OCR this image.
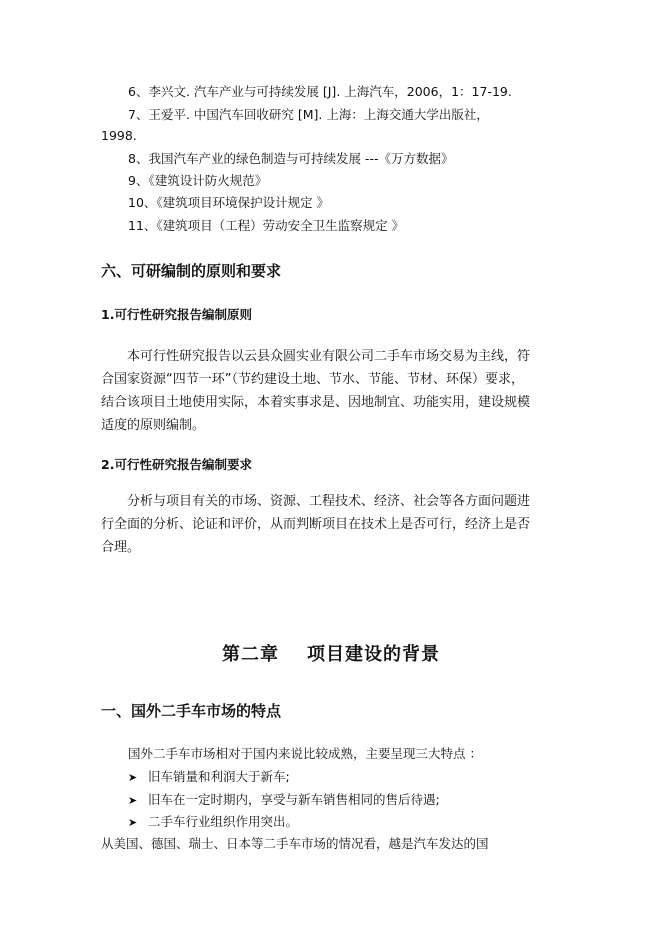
6、李兴文. 汽车产业与可持续发展 [J]. 上海汽车，2006，1：17-19.
7、王爱平. 中国汽车回收研究 [M]. 上海：上海交通大学出版社，
1998.
8、我国汽车产业的绿色制造与可持续发展 ---《万方数据》
9、《建筑设计防火规范》
10、《建筑项目环境保护设计规定 》
11、《建筑项目（工程）劳动安全卫生监察规定 》
六、可研编制的原则和要求
1.可行性研究报告编制原则
本可行性研究报告以云县众圆实业有限公司二手车市场交易为主线，符
合国家资源“四节一环”（节约建设土地、节水、节能、节材、环保）要求，
结合该项目土地使用实际，本着实事求是、因地制宜、功能实用，建设规模
适度的原则编制。
2.可行性研究报告编制要求
分析与项目有关的市场、资源、工程技术、经济、社会等各方面问题进
行全面的分析、论证和评价，从而判断项目在技术上是否可行，经济上是否
合理。
第二章 项目建设的背景
一、国外二手车市场的特点
国外二手车市场相对于国内来说比较成熟，主要呈现三大特点 ：
➤ 旧车销量和利润大于新车;
➤ 旧车在一定时期内，享受与新车销售相同的售后待遇;
➤ 二手车行业组织作用突出。
从美国、德国、瑞士、日本等二手车市场的情况看，越是汽车发达的国
